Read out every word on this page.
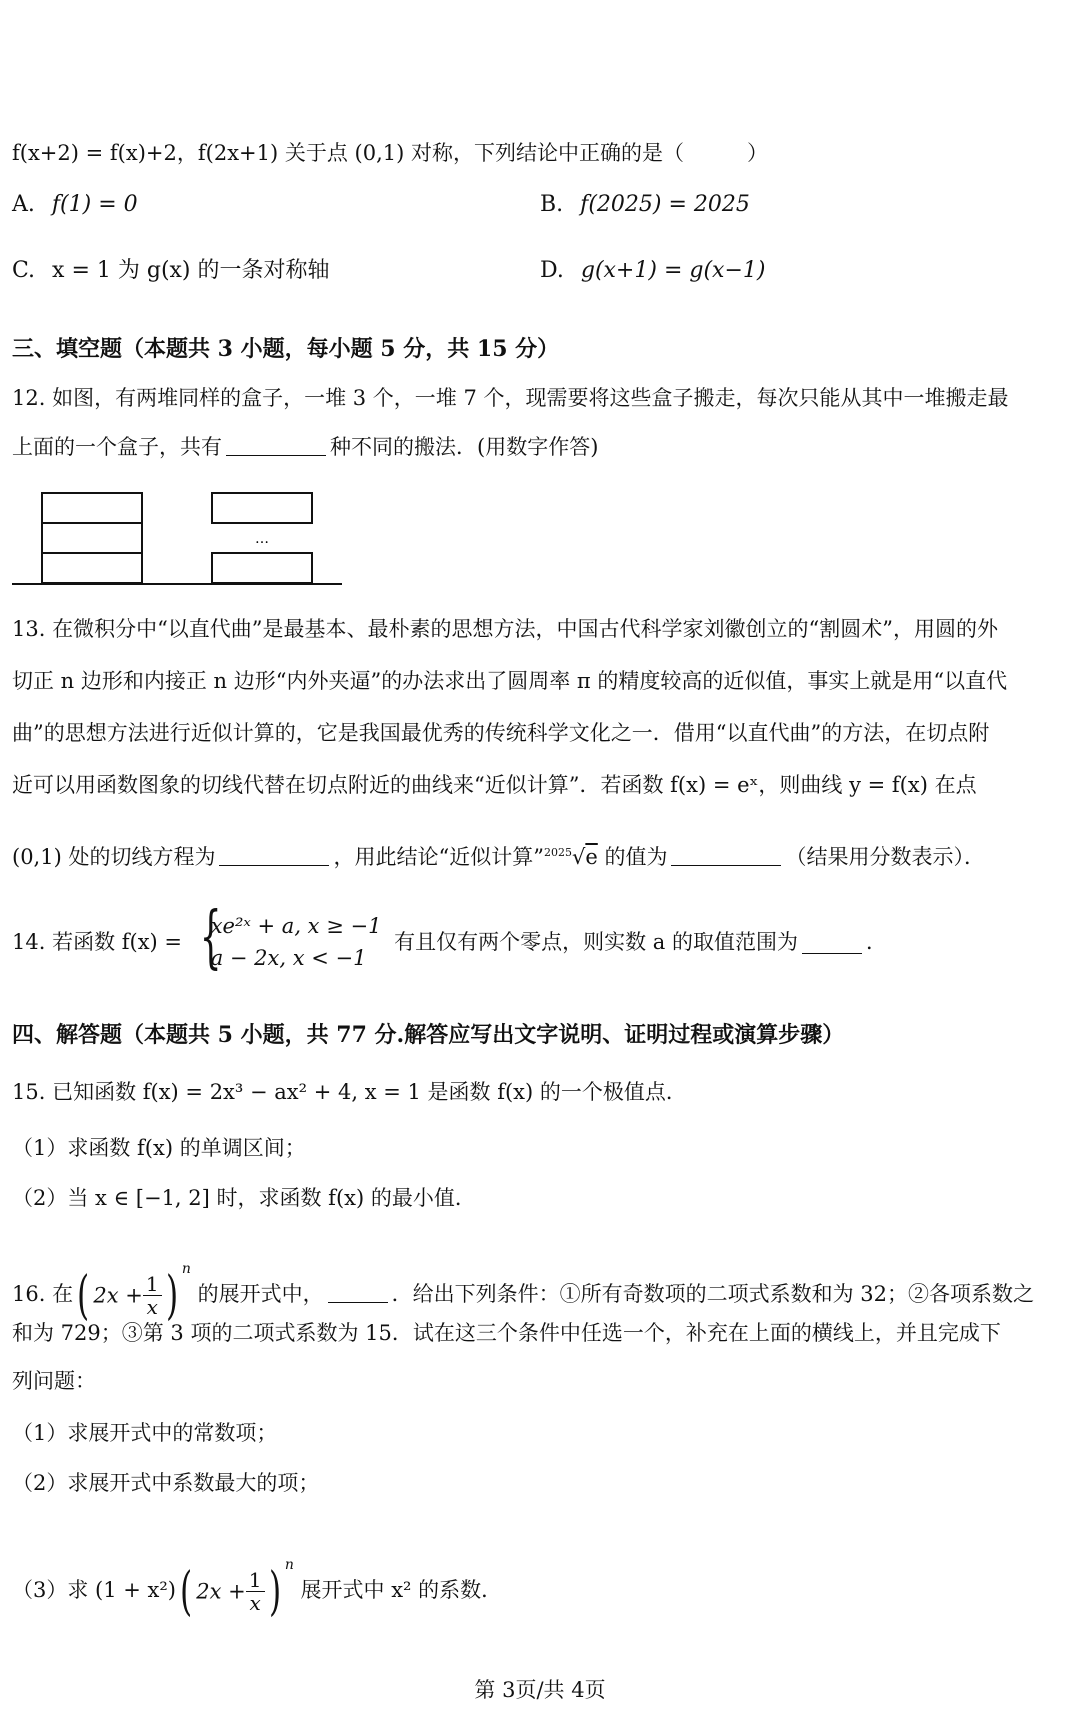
f(x+2) = f(x)+2，f(2x+1) 关于点 (0,1) 对称，下列结论中正确的是（　　　）
A. f(1) = 0	B. f(2025) = 2025
C. x = 1 为 g(x) 的一条对称轴	D. g(x+1) = g(x−1)
三、填空题（本题共 3 小题，每小题 5 分，共 15 分）
12. 如图，有两堆同样的盒子，一堆 3 个，一堆 7 个，现需要将这些盒子搬走，每次只能从其中一堆搬走最
上面的一个盒子，共有	种不同的搬法．(用数字作答)
…
13. 在微积分中“以直代曲”是最基本、最朴素的思想方法，中国古代科学家刘徽创立的“割圆术”，用圆的外
切正 n 边形和内接正 n 边形“内外夹逼”的办法求出了圆周率 π 的精度较高的近似值，事实上就是用“以直代
曲”的思想方法进行近似计算的，它是我国最优秀的传统科学文化之一．借用“以直代曲”的方法，在切点附
近可以用函数图象的切线代替在切点附近的曲线来“近似计算”．若函数 f(x) = eˣ，则曲线 y = f(x) 在点
(0,1) 处的切线方程为	，用此结论“近似计算”$^{2025}$√e 的值为	（结果用分数表示）．
14. 若函数 f(x) = {
xe²ˣ + a, x ≥ −1
a − 2x, x < −1
有且仅有两个零点，则实数 a 的取值范围为	．
四、解答题（本题共 5 小题，共 77 分.解答应写出文字说明、证明过程或演算步骤）
15. 已知函数 f(x) = 2x³ − ax² + 4, x = 1 是函数 f(x) 的一个极值点．
（1）求函数 f(x) 的单调区间；
（2）当 x ∈ [−1, 2] 时，求函数 f(x) 的最小值．
16. 在( $2x + \frac{1}{x}$ ) $^n$ 的展开式中，	．给出下列条件：①所有奇数项的二项式系数和为 32；②各项系数之
和为 729；③第 3 项的二项式系数为 15．试在这三个条件中任选一个，补充在上面的横线上，并且完成下
列问题：
（1）求展开式中的常数项；
（2）求展开式中系数最大的项；
（3）求 (1 + x²)( $2x + \frac{1}{x}$ ) $^n$ 展开式中 x² 的系数．
第 3页/共 4页
